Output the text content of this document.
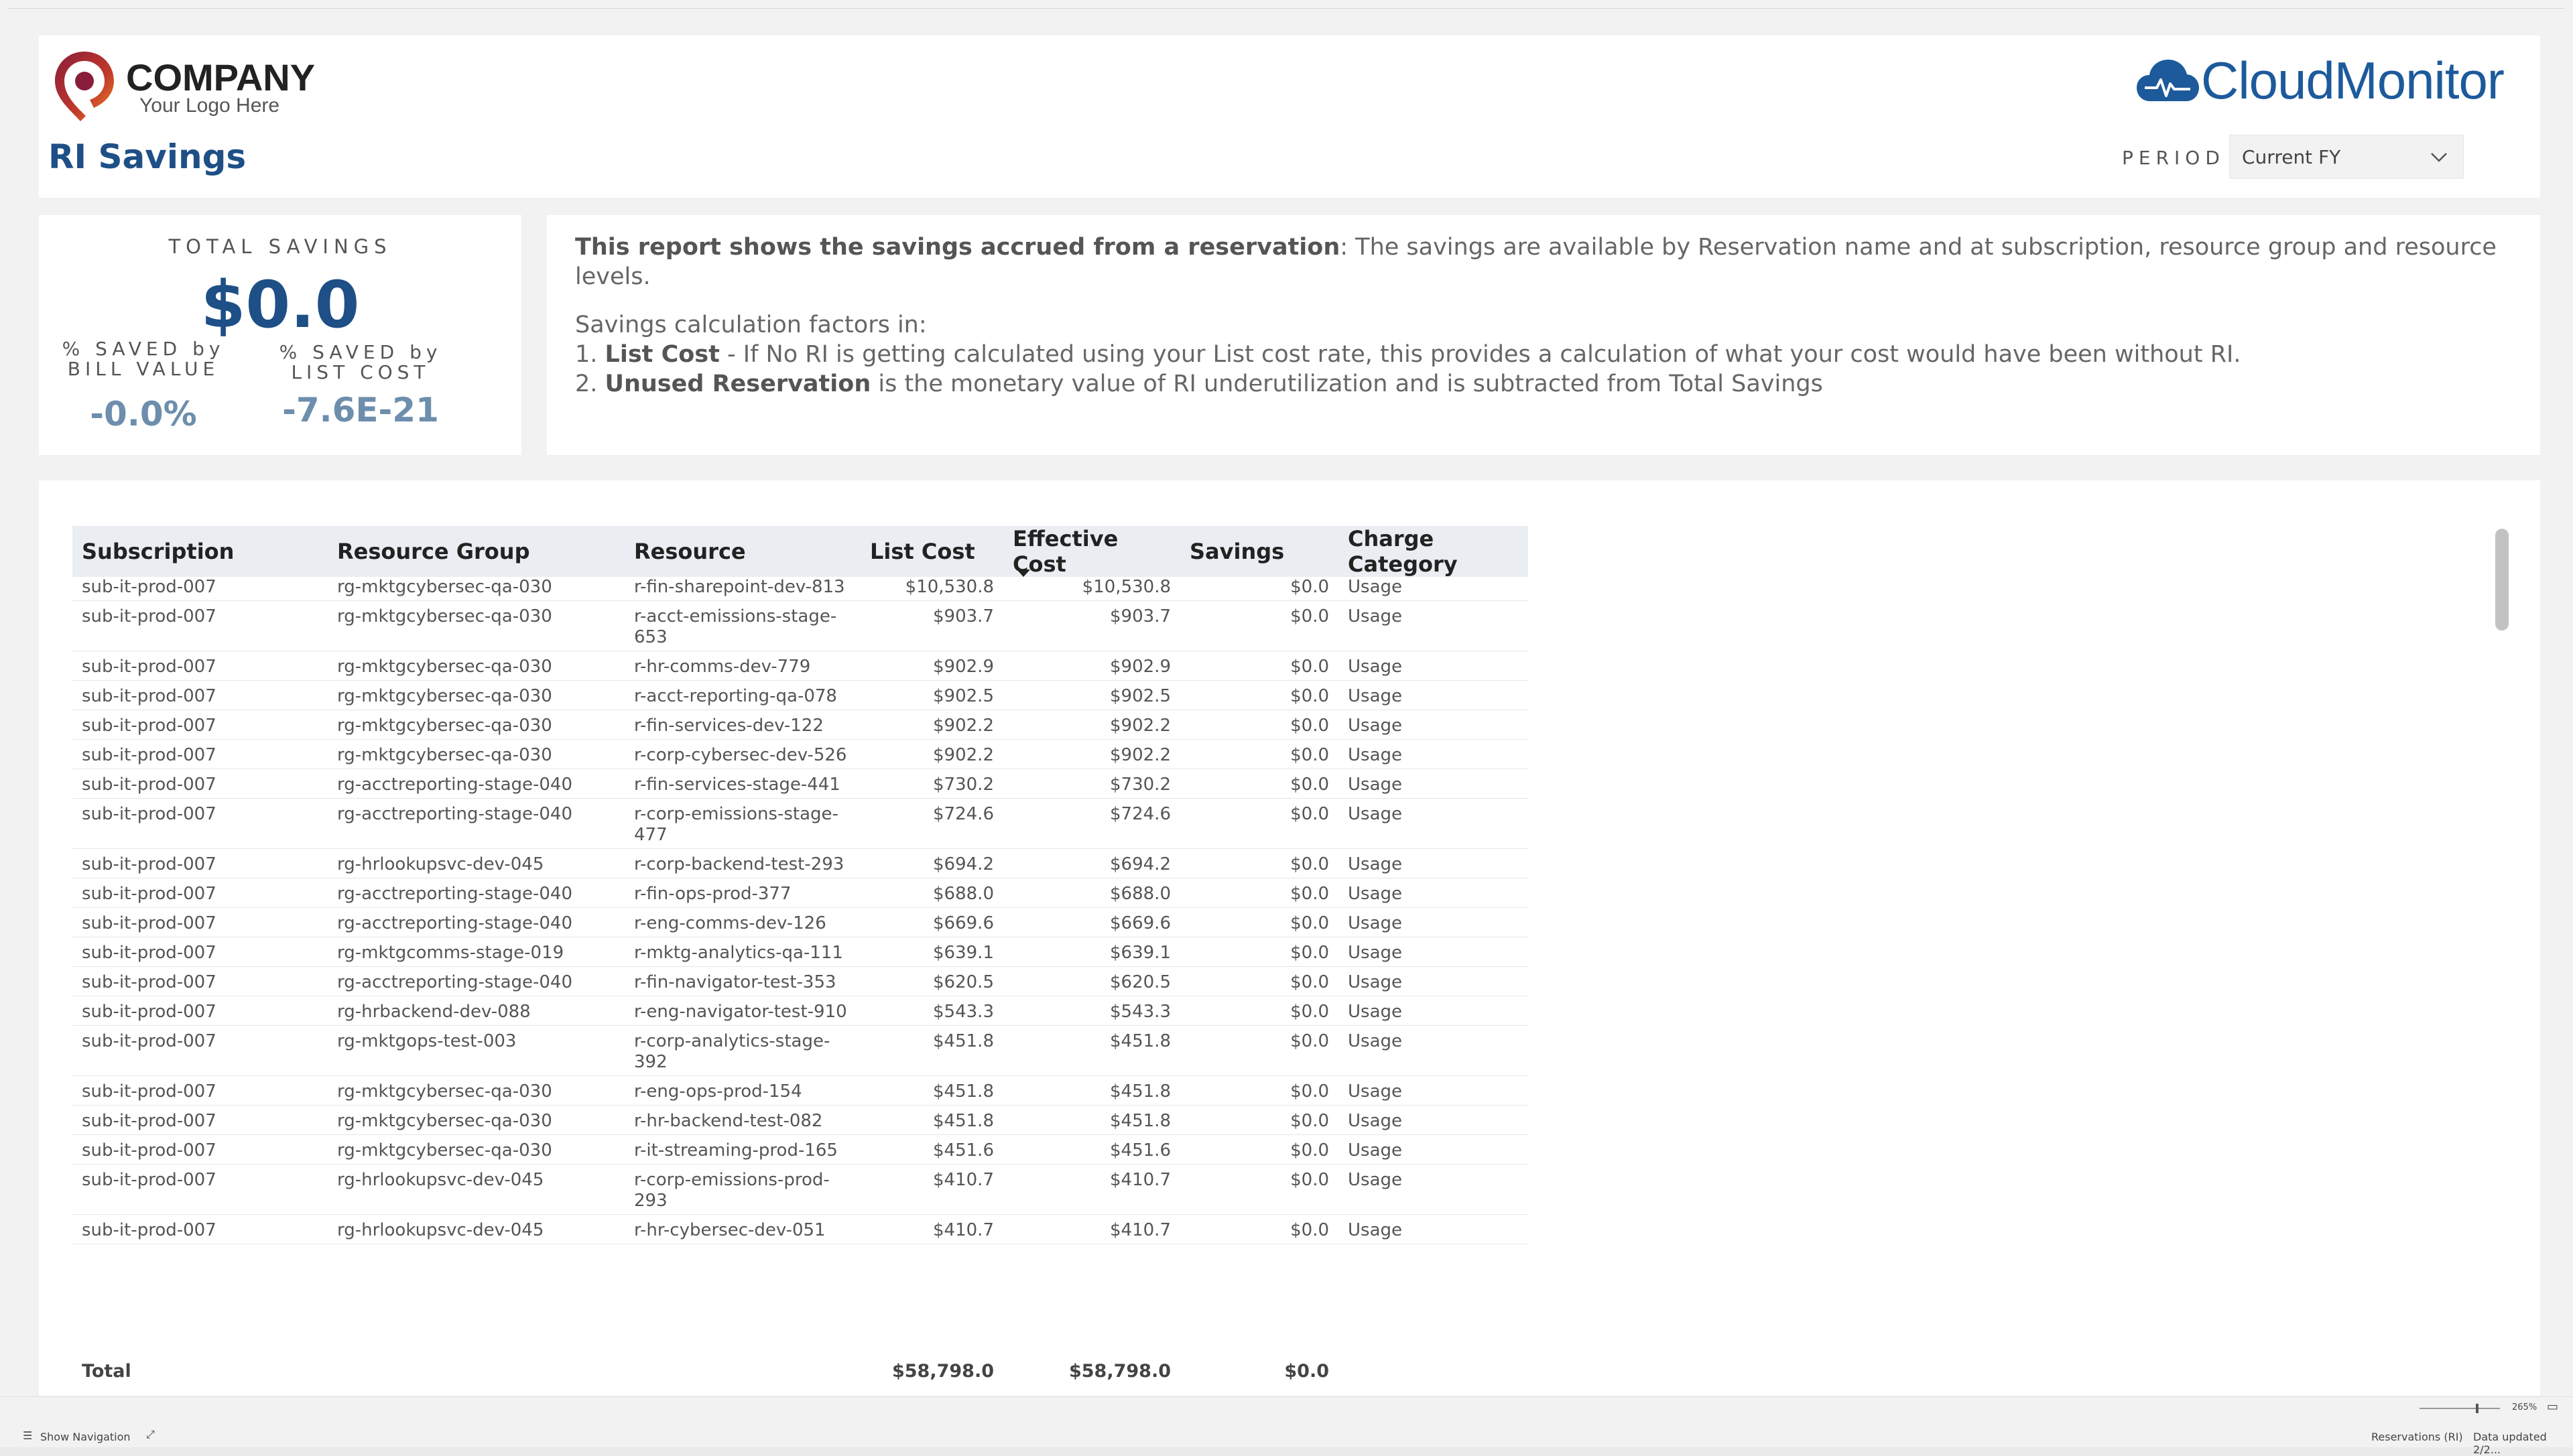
COMPANY
Your Logo Here
RI Savings
CloudMonitor
PERIOD Current FY
TOTAL SAVINGS
$0.0
% SAVED by
BILL VALUE
-0.0%
% SAVED by
LIST COST
-7.6E-21
This report shows the savings accrued from a reservation: The savings are available by Reservation name and at subscription, resource group and resource levels.
Savings calculation factors in:
1. List Cost - If No RI is getting calculated using your List cost rate, this provides a calculation of what your cost would have been without RI.
2. Unused Reservation is the monetary value of RI underutilization and is subtracted from Total Savings
Subscription	Resource Group	Resource	List Cost	Effective Cost	Savings	Charge Category
sub-it-prod-007	rg-mktgcybersec-qa-030	r-fin-sharepoint-dev-813	$10,530.8	$10,530.8	$0.0	Usage
sub-it-prod-007	rg-mktgcybersec-qa-030	r-acct-emissions-stage-653	$903.7	$903.7	$0.0	Usage
sub-it-prod-007	rg-mktgcybersec-qa-030	r-hr-comms-dev-779	$902.9	$902.9	$0.0	Usage
sub-it-prod-007	rg-mktgcybersec-qa-030	r-acct-reporting-qa-078	$902.5	$902.5	$0.0	Usage
sub-it-prod-007	rg-mktgcybersec-qa-030	r-fin-services-dev-122	$902.2	$902.2	$0.0	Usage
sub-it-prod-007	rg-mktgcybersec-qa-030	r-corp-cybersec-dev-526	$902.2	$902.2	$0.0	Usage
sub-it-prod-007	rg-acctreporting-stage-040	r-fin-services-stage-441	$730.2	$730.2	$0.0	Usage
sub-it-prod-007	rg-acctreporting-stage-040	r-corp-emissions-stage-477	$724.6	$724.6	$0.0	Usage
sub-it-prod-007	rg-hrlookupsvc-dev-045	r-corp-backend-test-293	$694.2	$694.2	$0.0	Usage
sub-it-prod-007	rg-acctreporting-stage-040	r-fin-ops-prod-377	$688.0	$688.0	$0.0	Usage
sub-it-prod-007	rg-acctreporting-stage-040	r-eng-comms-dev-126	$669.6	$669.6	$0.0	Usage
sub-it-prod-007	rg-mktgcomms-stage-019	r-mktg-analytics-qa-111	$639.1	$639.1	$0.0	Usage
sub-it-prod-007	rg-acctreporting-stage-040	r-fin-navigator-test-353	$620.5	$620.5	$0.0	Usage
sub-it-prod-007	rg-hrbackend-dev-088	r-eng-navigator-test-910	$543.3	$543.3	$0.0	Usage
sub-it-prod-007	rg-mktgops-test-003	r-corp-analytics-stage-392	$451.8	$451.8	$0.0	Usage
sub-it-prod-007	rg-mktgcybersec-qa-030	r-eng-ops-prod-154	$451.8	$451.8	$0.0	Usage
sub-it-prod-007	rg-mktgcybersec-qa-030	r-hr-backend-test-082	$451.8	$451.8	$0.0	Usage
sub-it-prod-007	rg-mktgcybersec-qa-030	r-it-streaming-prod-165	$451.6	$451.6	$0.0	Usage
sub-it-prod-007	rg-hrlookupsvc-dev-045	r-corp-emissions-prod-293	$410.7	$410.7	$0.0	Usage
sub-it-prod-007	rg-hrlookupsvc-dev-045	r-hr-cybersec-dev-051	$410.7	$410.7	$0.0	Usage
Total			$58,798.0	$58,798.0	$0.0	
☰ Show Navigation ⤢
265% ▭
Reservations (RI) Data updated 2/2...
